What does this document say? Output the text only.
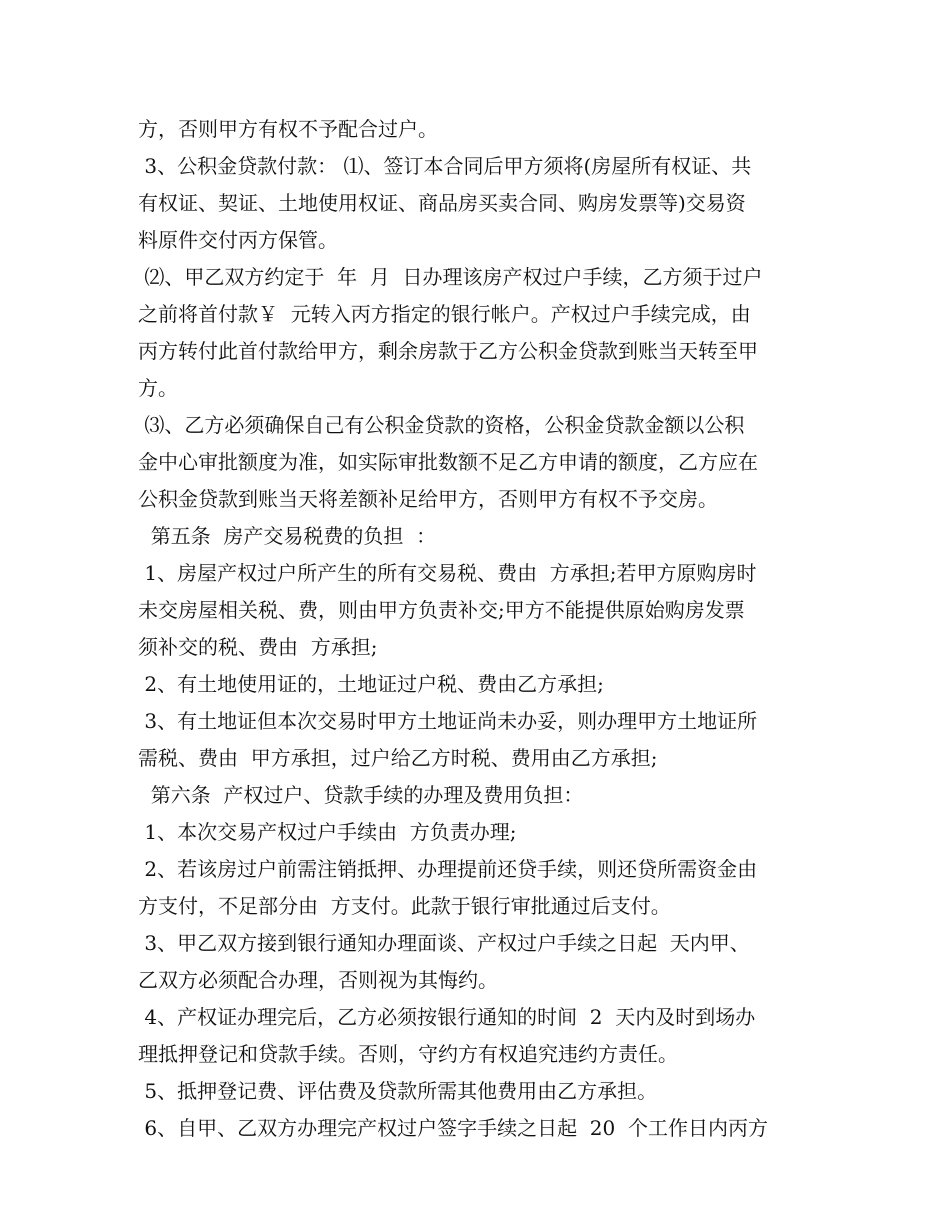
方，否则甲方有权不予配合过户。
3、公积金贷款付款： ⑴、签订本合同后甲方须将(房屋所有权证、共
有权证、契证、土地使用权证、商品房买卖合同、购房发票等)交易资
料原件交付丙方保管。
⑵、甲乙双方约定于  年  月  日办理该房产权过户手续，乙方须于过户
之前将首付款￥  元转入丙方指定的银行帐户。产权过户手续完成，由
丙方转付此首付款给甲方，剩余房款于乙方公积金贷款到账当天转至甲
方。
⑶、乙方必须确保自己有公积金贷款的资格，公积金贷款金额以公积
金中心审批额度为准，如实际审批数额不足乙方申请的额度，乙方应在
公积金贷款到账当天将差额补足给甲方，否则甲方有权不予交房。
第五条  房产交易税费的负担  ：
1、房屋产权过户所产生的所有交易税、费由  方承担;若甲方原购房时
未交房屋相关税、费，则由甲方负责补交;甲方不能提供原始购房发票
须补交的税、费由  方承担;
2、有土地使用证的，土地证过户税、费由乙方承担;
3、有土地证但本次交易时甲方土地证尚未办妥，则办理甲方土地证所
需税、费由  甲方承担，过户给乙方时税、费用由乙方承担;
第六条  产权过户、贷款手续的办理及费用负担：
1、本次交易产权过户手续由  方负责办理;
2、若该房过户前需注销抵押、办理提前还贷手续，则还贷所需资金由
方支付，不足部分由  方支付。此款于银行审批通过后支付。
3、甲乙双方接到银行通知办理面谈、产权过户手续之日起  天内甲、
乙双方必须配合办理，否则视为其悔约。
4、产权证办理完后，乙方必须按银行通知的时间  2  天内及时到场办
理抵押登记和贷款手续。否则，守约方有权追究违约方责任。
5、抵押登记费、评估费及贷款所需其他费用由乙方承担。
6、自甲、乙双方办理完产权过户签字手续之日起  20  个工作日内丙方
